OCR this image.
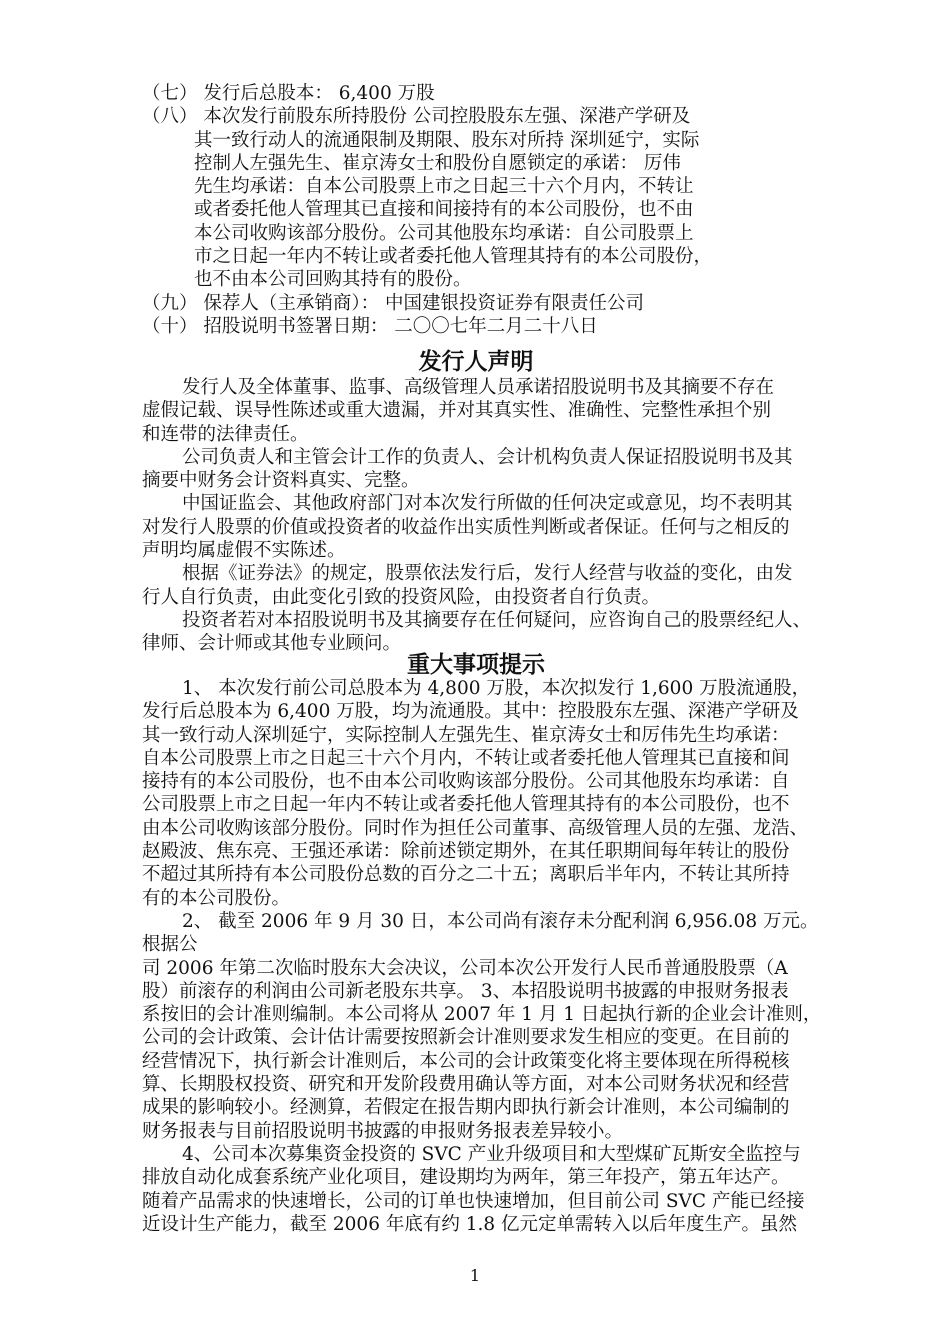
（七） 发行后总股本： 6,400 万股
（八） 本次发行前股东所持股份 公司控股股东左强、深港产学研及
其一致行动人的流通限制及期限、股东对所持 深圳延宁，实际
控制人左强先生、崔京涛女士和股份自愿锁定的承诺： 厉伟
先生均承诺：自本公司股票上市之日起三十六个月内，不转让
或者委托他人管理其已直接和间接持有的本公司股份，也不由
本公司收购该部分股份。公司其他股东均承诺：自公司股票上
市之日起一年内不转让或者委托他人管理其持有的本公司股份，
也不由本公司回购其持有的股份。
（九） 保荐人（主承销商）： 中国建银投资证券有限责任公司
（十） 招股说明书签署日期： 二〇〇七年二月二十八日
发行人声明
发行人及全体董事、监事、高级管理人员承诺招股说明书及其摘要不存在
虚假记载、误导性陈述或重大遗漏，并对其真实性、准确性、完整性承担个别
和连带的法律责任。
公司负责人和主管会计工作的负责人、会计机构负责人保证招股说明书及其
摘要中财务会计资料真实、完整。
中国证监会、其他政府部门对本次发行所做的任何决定或意见，均不表明其
对发行人股票的价值或投资者的收益作出实质性判断或者保证。任何与之相反的
声明均属虚假不实陈述。
根据《证券法》的规定，股票依法发行后，发行人经营与收益的变化，由发
行人自行负责，由此变化引致的投资风险，由投资者自行负责。
投资者若对本招股说明书及其摘要存在任何疑问，应咨询自己的股票经纪人、
律师、会计师或其他专业顾问。
重大事项提示
1、 本次发行前公司总股本为 4,800 万股，本次拟发行 1,600 万股流通股，
发行后总股本为 6,400 万股，均为流通股。其中：控股股东左强、深港产学研及
其一致行动人深圳延宁，实际控制人左强先生、崔京涛女士和厉伟先生均承诺：
自本公司股票上市之日起三十六个月内，不转让或者委托他人管理其已直接和间
接持有的本公司股份，也不由本公司收购该部分股份。公司其他股东均承诺：自
公司股票上市之日起一年内不转让或者委托他人管理其持有的本公司股份，也不
由本公司收购该部分股份。同时作为担任公司董事、高级管理人员的左强、龙浩、
赵殿波、焦东亮、王强还承诺：除前述锁定期外，在其任职期间每年转让的股份
不超过其所持有本公司股份总数的百分之二十五；离职后半年内，不转让其所持
有的本公司股份。
2、 截至 2006 年 9 月 30 日，本公司尚有滚存未分配利润 6,956.08 万元。
根据公
司 2006 年第二次临时股东大会决议，公司本次公开发行人民币普通股股票（A
股）前滚存的利润由公司新老股东共享。 3、本招股说明书披露的申报财务报表
系按旧的会计准则编制。本公司将从 2007 年 1 月 1 日起执行新的企业会计准则，
公司的会计政策、会计估计需要按照新会计准则要求发生相应的变更。在目前的
经营情况下，执行新会计准则后，本公司的会计政策变化将主要体现在所得税核
算、长期股权投资、研究和开发阶段费用确认等方面，对本公司财务状况和经营
成果的影响较小。经测算，若假定在报告期内即执行新会计准则，本公司编制的
财务报表与目前招股说明书披露的申报财务报表差异较小。
4、公司本次募集资金投资的 SVC 产业升级项目和大型煤矿瓦斯安全监控与
排放自动化成套系统产业化项目，建设期均为两年，第三年投产，第五年达产。
随着产品需求的快速增长，公司的订单也快速增加，但目前公司 SVC 产能已经接
近设计生产能力，截至 2006 年底有约 1.8 亿元定单需转入以后年度生产。虽然
1
